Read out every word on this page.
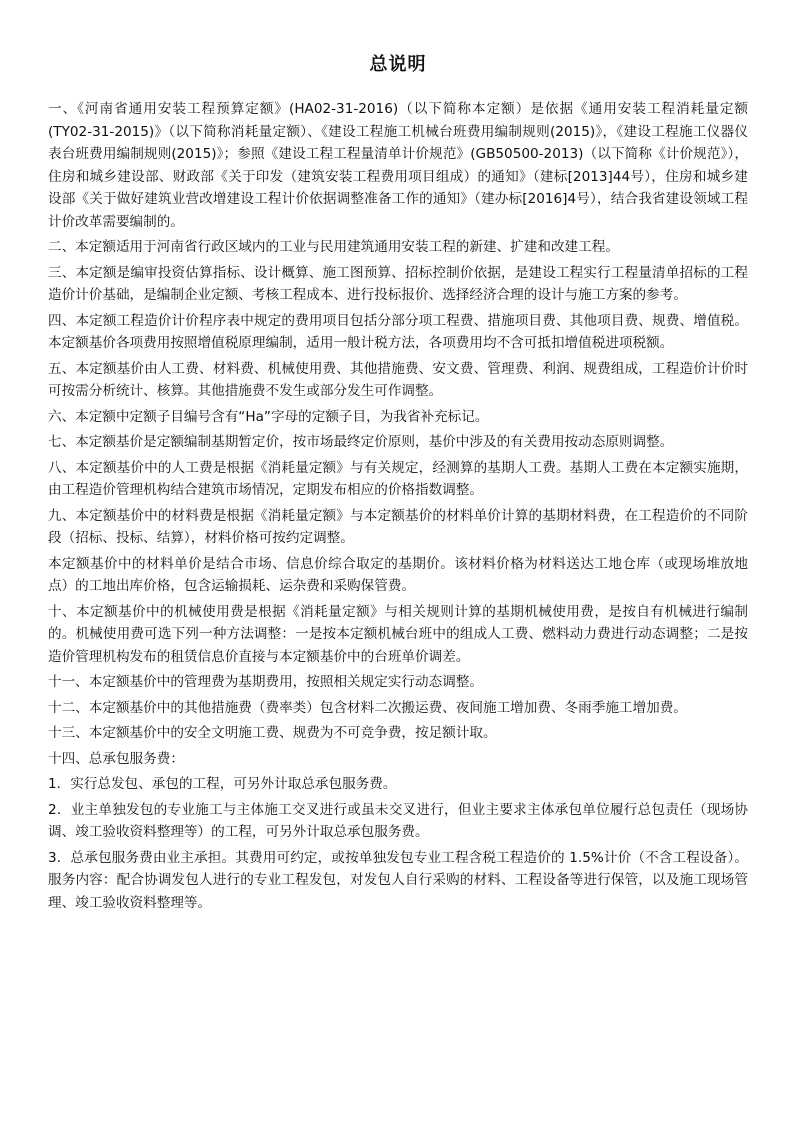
总说明

一、《河南省通用安装工程预算定额》(HA02-31-2016)（以下简称本定额）是依据《通用安装工程消耗量定额(TY02-31-2015)》（以下简称消耗量定额）、《建设工程施工机械台班费用编制规则(2015)》，《建设工程施工仪器仪表台班费用编制规则(2015)》；参照《建设工程工程量清单计价规范》(GB50500-2013)（以下简称《计价规范》），住房和城乡建设部、财政部《关于印发（建筑安装工程费用项目组成）的通知》（建标[2013]44号），住房和城乡建设部《关于做好建筑业营改增建设工程计价依据调整准备工作的通知》（建办标[2016]4号），结合我省建设领域工程计价改革需要编制的。

二、本定额适用于河南省行政区域内的工业与民用建筑通用安装工程的新建、扩建和改建工程。

三、本定额是编审投资估算指标、设计概算、施工图预算、招标控制价依据，是建设工程实行工程量清单招标的工程造价计价基础，是编制企业定额、考核工程成本、进行投标报价、选择经济合理的设计与施工方案的参考。

四、本定额工程造价计价程序表中规定的费用项目包括分部分项工程费、措施项目费、其他项目费、规费、增值税。本定额基价各项费用按照增值税原理编制，适用一般计税方法，各项费用均不含可抵扣增值税进项税额。

五、本定额基价由人工费、材料费、机械使用费、其他措施费、安文费、管理费、利润、规费组成，工程造价计价时可按需分析统计、核算。其他措施费不发生或部分发生可作调整。

六、本定额中定额子目编号含有“Ha”字母的定额子目，为我省补充标记。

七、本定额基价是定额编制基期暂定价，按市场最终定价原则，基价中涉及的有关费用按动态原则调整。

八、本定额基价中的人工费是根据《消耗量定额》与有关规定，经测算的基期人工费。基期人工费在本定额实施期，由工程造价管理机构结合建筑市场情况，定期发布相应的价格指数调整。

九、本定额基价中的材料费是根据《消耗量定额》与本定额基价的材料单价计算的基期材料费，在工程造价的不同阶段（招标、投标、结算），材料价格可按约定调整。

本定额基价中的材料单价是结合市场、信息价综合取定的基期价。该材料价格为材料送达工地仓库（或现场堆放地点）的工地出库价格，包含运输损耗、运杂费和采购保管费。

十、本定额基价中的机械使用费是根据《消耗量定额》与相关规则计算的基期机械使用费，是按自有机械进行编制的。机械使用费可选下列一种方法调整：一是按本定额机械台班中的组成人工费、燃料动力费进行动态调整；二是按造价管理机构发布的租赁信息价直接与本定额基价中的台班单价调差。

十一、本定额基价中的管理费为基期费用，按照相关规定实行动态调整。

十二、本定额基价中的其他措施费（费率类）包含材料二次搬运费、夜间施工增加费、冬雨季施工增加费。

十三、本定额基价中的安全文明施工费、规费为不可竞争费，按足额计取。

十四、总承包服务费：

1．实行总发包、承包的工程，可另外计取总承包服务费。

2．业主单独发包的专业施工与主体施工交叉进行或虽未交叉进行，但业主要求主体承包单位履行总包责任（现场协调、竣工验收资料整理等）的工程，可另外计取总承包服务费。

3．总承包服务费由业主承担。其费用可约定，或按单独发包专业工程含税工程造价的 1.5%计价（不含工程设备）。服务内容：配合协调发包人进行的专业工程发包，对发包人自行采购的材料、工程设备等进行保管，以及施工现场管理、竣工验收资料整理等。
